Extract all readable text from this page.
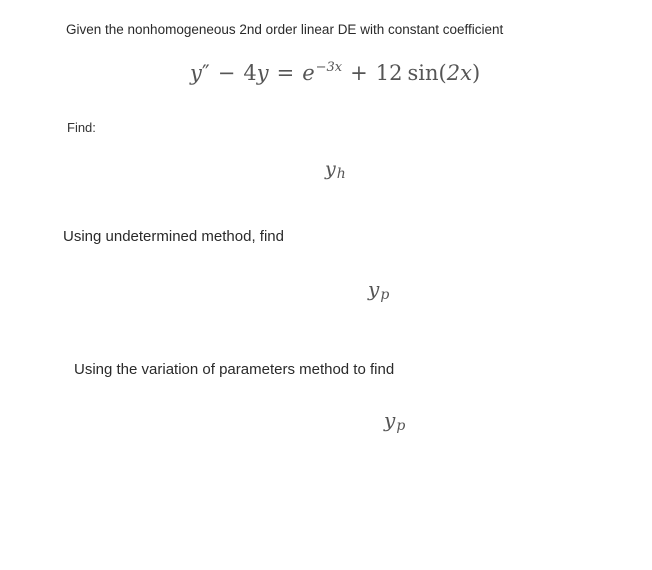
Given the nonhomogeneous 2nd order linear DE with constant coefficient
$y'' - 4y = e^{-3x} + 12$ sin(2x)
Find:
yh
Using undetermined method, find
yp
Using the variation of parameters method to find
yp
